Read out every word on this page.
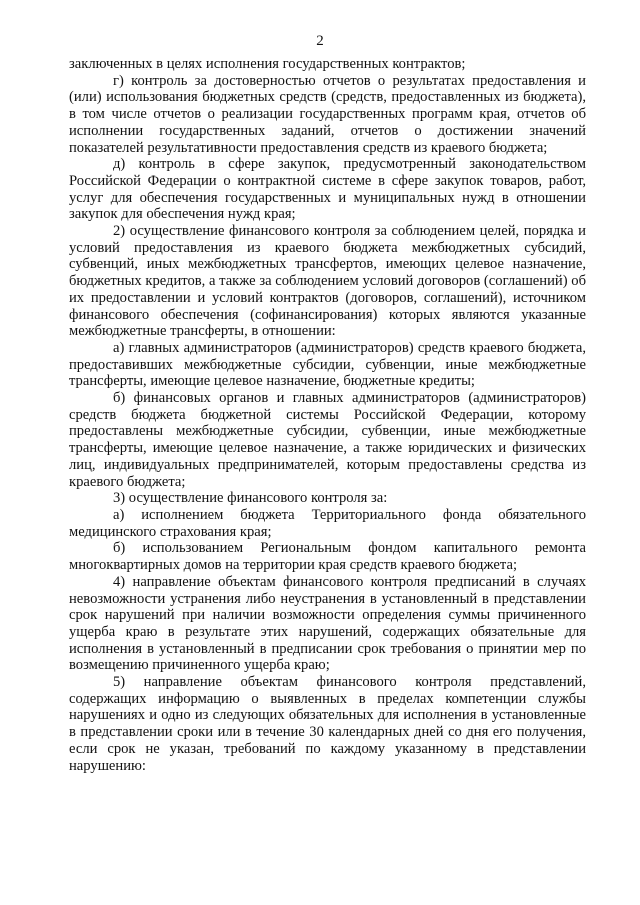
2

заключенных в целях исполнения государственных контрактов;

г) контроль за достоверностью отчетов о результатах предоставления и (или) использования бюджетных средств (средств, предоставленных из бюджета), в том числе отчетов о реализации государственных программ края, отчетов об исполнении государственных заданий, отчетов о достижении значений показателей результативности предоставления средств из краевого бюджета;

д) контроль в сфере закупок, предусмотренный законодательством Российской Федерации о контрактной системе в сфере закупок товаров, работ, услуг для обеспечения государственных и муниципальных нужд в отношении закупок для обеспечения нужд края;

2) осуществление финансового контроля за соблюдением целей, порядка и условий предоставления из краевого бюджета межбюджетных субсидий, субвенций, иных межбюджетных трансфертов, имеющих целевое назначение, бюджетных кредитов, а также за соблюдением условий договоров (соглашений) об их предоставлении и условий контрактов (договоров, соглашений), источником финансового обеспечения (софинансирования) которых являются указанные межбюджетные трансферты, в отношении:

а) главных администраторов (администраторов) средств краевого бюджета, предоставивших межбюджетные субсидии, субвенции, иные межбюджетные трансферты, имеющие целевое назначение, бюджетные кредиты;

б) финансовых органов и главных администраторов (администраторов) средств бюджета бюджетной системы Российской Федерации, которому предоставлены межбюджетные субсидии, субвенции, иные межбюджетные трансферты, имеющие целевое назначение, а также юридических и физических лиц, индивидуальных предпринимателей, которым предоставлены средства из краевого бюджета;

3) осуществление финансового контроля за:

а) исполнением бюджета Территориального фонда обязательного медицинского страхования края;

б) использованием Региональным фондом капитального ремонта многоквартирных домов на территории края средств краевого бюджета;

4) направление объектам финансового контроля предписаний в случаях невозможности устранения либо неустранения в установленный в представлении срок нарушений при наличии возможности определения суммы причиненного ущерба краю в результате этих нарушений, содержащих обязательные для исполнения в установленный в предписании срок требования о принятии мер по возмещению причиненного ущерба краю;

5) направление объектам финансового контроля представлений, содержащих информацию о выявленных в пределах компетенции службы нарушениях и одно из следующих обязательных для исполнения в установленные в представлении сроки или в течение 30 календарных дней со дня его получения, если срок не указан, требований по каждому указанному в представлении нарушению:
